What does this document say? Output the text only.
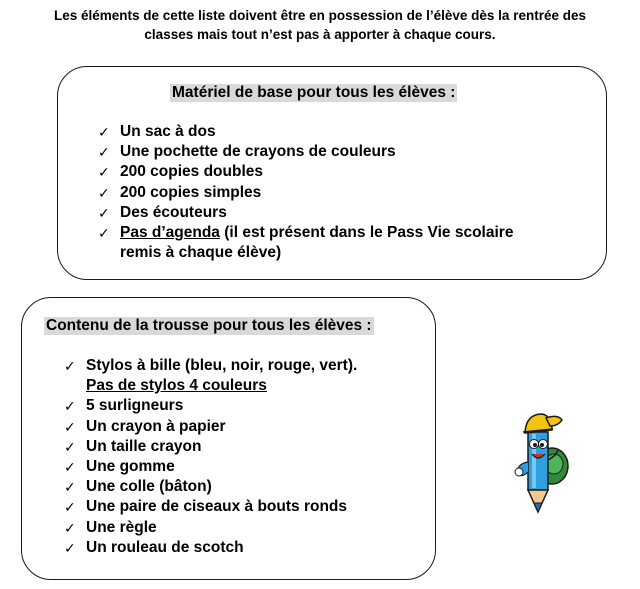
Les éléments de cette liste doivent être en possession de l’élève dès la rentrée des
classes mais tout n’est pas à apporter à chaque cours.
Matériel de base pour tous les élèves :
✓ Un sac à dos
✓ Une pochette de crayons de couleurs
✓ 200 copies doubles
✓ 200 copies simples
✓ Des écouteurs
✓ Pas d’agenda (il est présent dans le Pass Vie scolaire
remis à chaque élève)
Contenu de la trousse pour tous les élèves :
✓ Stylos à bille (bleu, noir, rouge, vert).
Pas de stylos 4 couleurs
✓ 5 surligneurs
✓ Un crayon à papier
✓ Un taille crayon
✓ Une gomme
✓ Une colle (bâton)
✓ Une paire de ciseaux à bouts ronds
✓ Une règle
✓ Un rouleau de scotch
